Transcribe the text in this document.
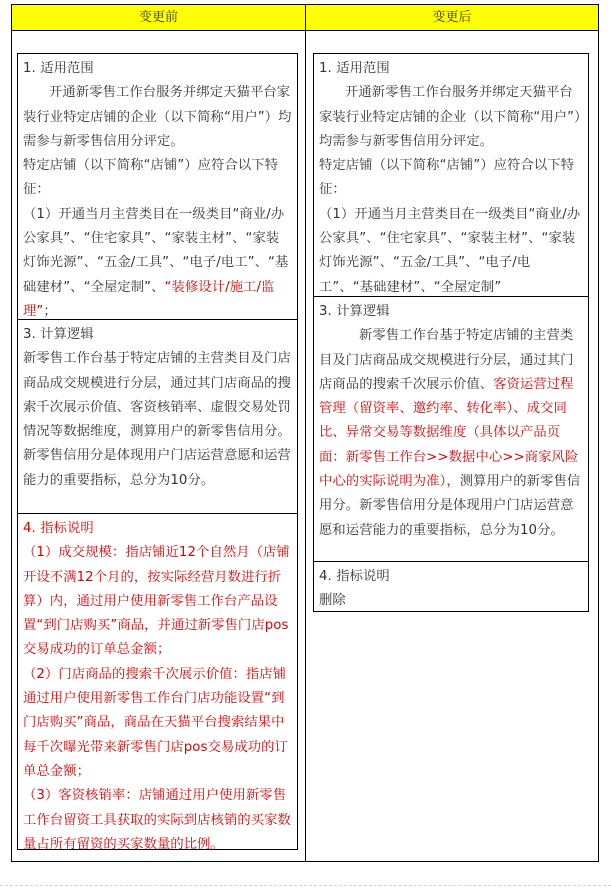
变更前	变更后

1. 适用范围

开通新零售工作台服务并绑定天猫平台家装行业特定店铺的企业（以下简称“用户”）均需参与新零售信用分评定。

特定店铺（以下简称“店铺”）应符合以下特征：

（1）开通当月主营类目在一级类目“商业/办公家具”、“住宅家具”、“家装主材”、“家装灯饰光源”、“五金/工具”、“电子/电工”、“基础建材”、“全屋定制”、“装修设计/施工/监理”；

3. 计算逻辑

新零售工作台基于特定店铺的主营类目及门店商品成交规模进行分层，通过其门店商品的搜索千次展示价值、客资核销率、虚假交易处罚情况等数据维度，测算用户的新零售信用分。新零售信用分是体现用户门店运营意愿和运营能力的重要指标，总分为10分。

4. 指标说明

（1）成交规模：指店铺近12个自然月（店铺开设不满12个月的，按实际经营月数进行折算）内，通过用户使用新零售工作台产品设置“到门店购买”商品，并通过新零售门店pos交易成功的订单总金额；

（2）门店商品的搜索千次展示价值：指店铺通过用户使用新零售工作台门店功能设置“到门店购买”商品，商品在天猫平台搜索结果中每千次曝光带来新零售门店pos交易成功的订单总金额；

（3）客资核销率：店铺通过用户使用新零售工作台留资工具获取的实际到店核销的买家数量占所有留资的买家数量的比例。

1. 适用范围

开通新零售工作台服务并绑定天猫平台家装行业特定店铺的企业（以下简称“用户”）均需参与新零售信用分评定。

特定店铺（以下简称“店铺”）应符合以下特征：

（1）开通当月主营类目在一级类目“商业/办公家具”、“住宅家具”、“家装主材”、“家装灯饰光源”、“五金/工具”、“电子/电工”、“基础建材”、“全屋定制”

3. 计算逻辑

新零售工作台基于特定店铺的主营类目及门店商品成交规模进行分层，通过其门店商品的搜索千次展示价值、客资运营过程管理（留资率、邀约率、转化率）、成交同比、异常交易等数据维度（具体以产品页面：新零售工作台>>数据中心>>商家风险中心的实际说明为准），测算用户的新零售信用分。新零售信用分是体现用户门店运营意愿和运营能力的重要指标，总分为10分。

4. 指标说明

删除
